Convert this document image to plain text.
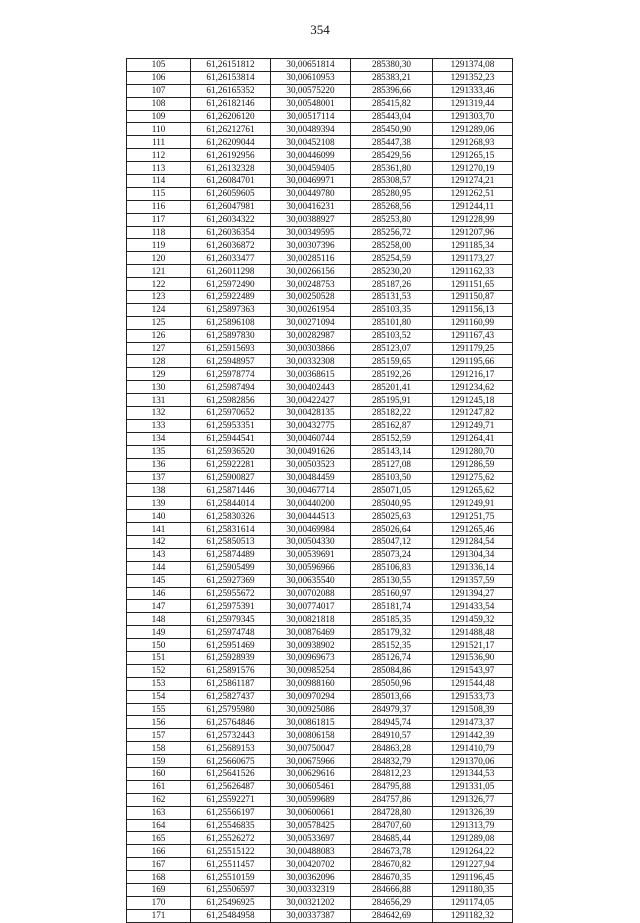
354
105	61,26151812	30,00651814	285380,30	1291374,08
106	61,26153814	30,00610953	285383,21	1291352,23
107	61,26165352	30,00575220	285396,66	1291333,46
108	61,26182146	30,00548001	285415,82	1291319,44
109	61,26206120	30,00517114	285443,04	1291303,70
110	61,26212761	30,00489394	285450,90	1291289,06
111	61,26209044	30,00452108	285447,38	1291268,93
112	61,26192956	30,00446099	285429,56	1291265,15
113	61,26132328	30,00459405	285361,80	1291270,19
114	61,26084701	30,00469971	285308,57	1291274,21
115	61,26059605	30,00449780	285280,95	1291262,51
116	61,26047981	30,00416231	285268,56	1291244,11
117	61,26034322	30,00388927	285253,80	1291228,99
118	61,26036354	30,00349595	285256,72	1291207,96
119	61,26036872	30,00307396	285258,00	1291185,34
120	61,26033477	30,00285116	285254,59	1291173,27
121	61,26011298	30,00266156	285230,20	1291162,33
122	61,25972490	30,00248753	285187,26	1291151,65
123	61,25922489	30,00250528	285131,53	1291150,87
124	61,25897363	30,00261954	285103,35	1291156,13
125	61,25896108	30,00271094	285101,80	1291160,99
126	61,25897830	30,00282987	285103,52	1291167,43
127	61,25915693	30,00303866	285123,07	1291179,25
128	61,25948957	30,00332308	285159,65	1291195,66
129	61,25978774	30,00368615	285192,26	1291216,17
130	61,25987494	30,00402443	285201,41	1291234,62
131	61,25982856	30,00422427	285195,91	1291245,18
132	61,25970652	30,00428135	285182,22	1291247,82
133	61,25953351	30,00432775	285162,87	1291249,71
134	61,25944541	30,00460744	285152,59	1291264,41
135	61,25936520	30,00491626	285143,14	1291280,70
136	61,25922281	30,00503523	285127,08	1291286,59
137	61,25900827	30,00484459	285103,50	1291275,62
138	61,25871446	30,00467714	285071,05	1291265,62
139	61,25844014	30,00440200	285040,95	1291249,91
140	61,25830326	30,00444513	285025,63	1291251,75
141	61,25831614	30,00469984	285026,64	1291265,46
142	61,25850513	30,00504330	285047,12	1291284,54
143	61,25874489	30,00539691	285073,24	1291304,34
144	61,25905499	30,00596966	285106,83	1291336,14
145	61,25927369	30,00635540	285130,55	1291357,59
146	61,25955672	30,00702088	285160,97	1291394,27
147	61,25975391	30,00774017	285181,74	1291433,54
148	61,25979345	30,00821818	285185,35	1291459,32
149	61,25974748	30,00876469	285179,32	1291488,48
150	61,25951469	30,00938902	285152,35	1291521,17
151	61,25928939	30,00969673	285126,74	1291536,90
152	61,25891576	30,00985254	285084,86	1291543,97
153	61,25861187	30,00988160	285050,96	1291544,48
154	61,25827437	30,00970294	285013,66	1291533,73
155	61,25795980	30,00925086	284979,37	1291508,39
156	61,25764846	30,00861815	284945,74	1291473,37
157	61,25732443	30,00806158	284910,57	1291442,39
158	61,25689153	30,00750047	284863,28	1291410,79
159	61,25660675	30,00675966	284832,79	1291370,06
160	61,25641526	30,00629616	284812,23	1291344,53
161	61,25626487	30,00605461	284795,88	1291331,05
162	61,25592271	30,00599689	284757,86	1291326,77
163	61,25566197	30,00600661	284728,80	1291326,39
164	61,25546835	30,00578425	284707,60	1291313,79
165	61,25526272	30,00533697	284685,44	1291289,08
166	61,25515122	30,00488083	284673,78	1291264,22
167	61,25511457	30,00420702	284670,82	1291227,94
168	61,25510159	30,00362096	284670,35	1291196,45
169	61,25506597	30,00332319	284666,88	1291180,35
170	61,25496925	30,00321202	284656,29	1291174,05
171	61,25484958	30,00337387	284642,69	1291182,32
